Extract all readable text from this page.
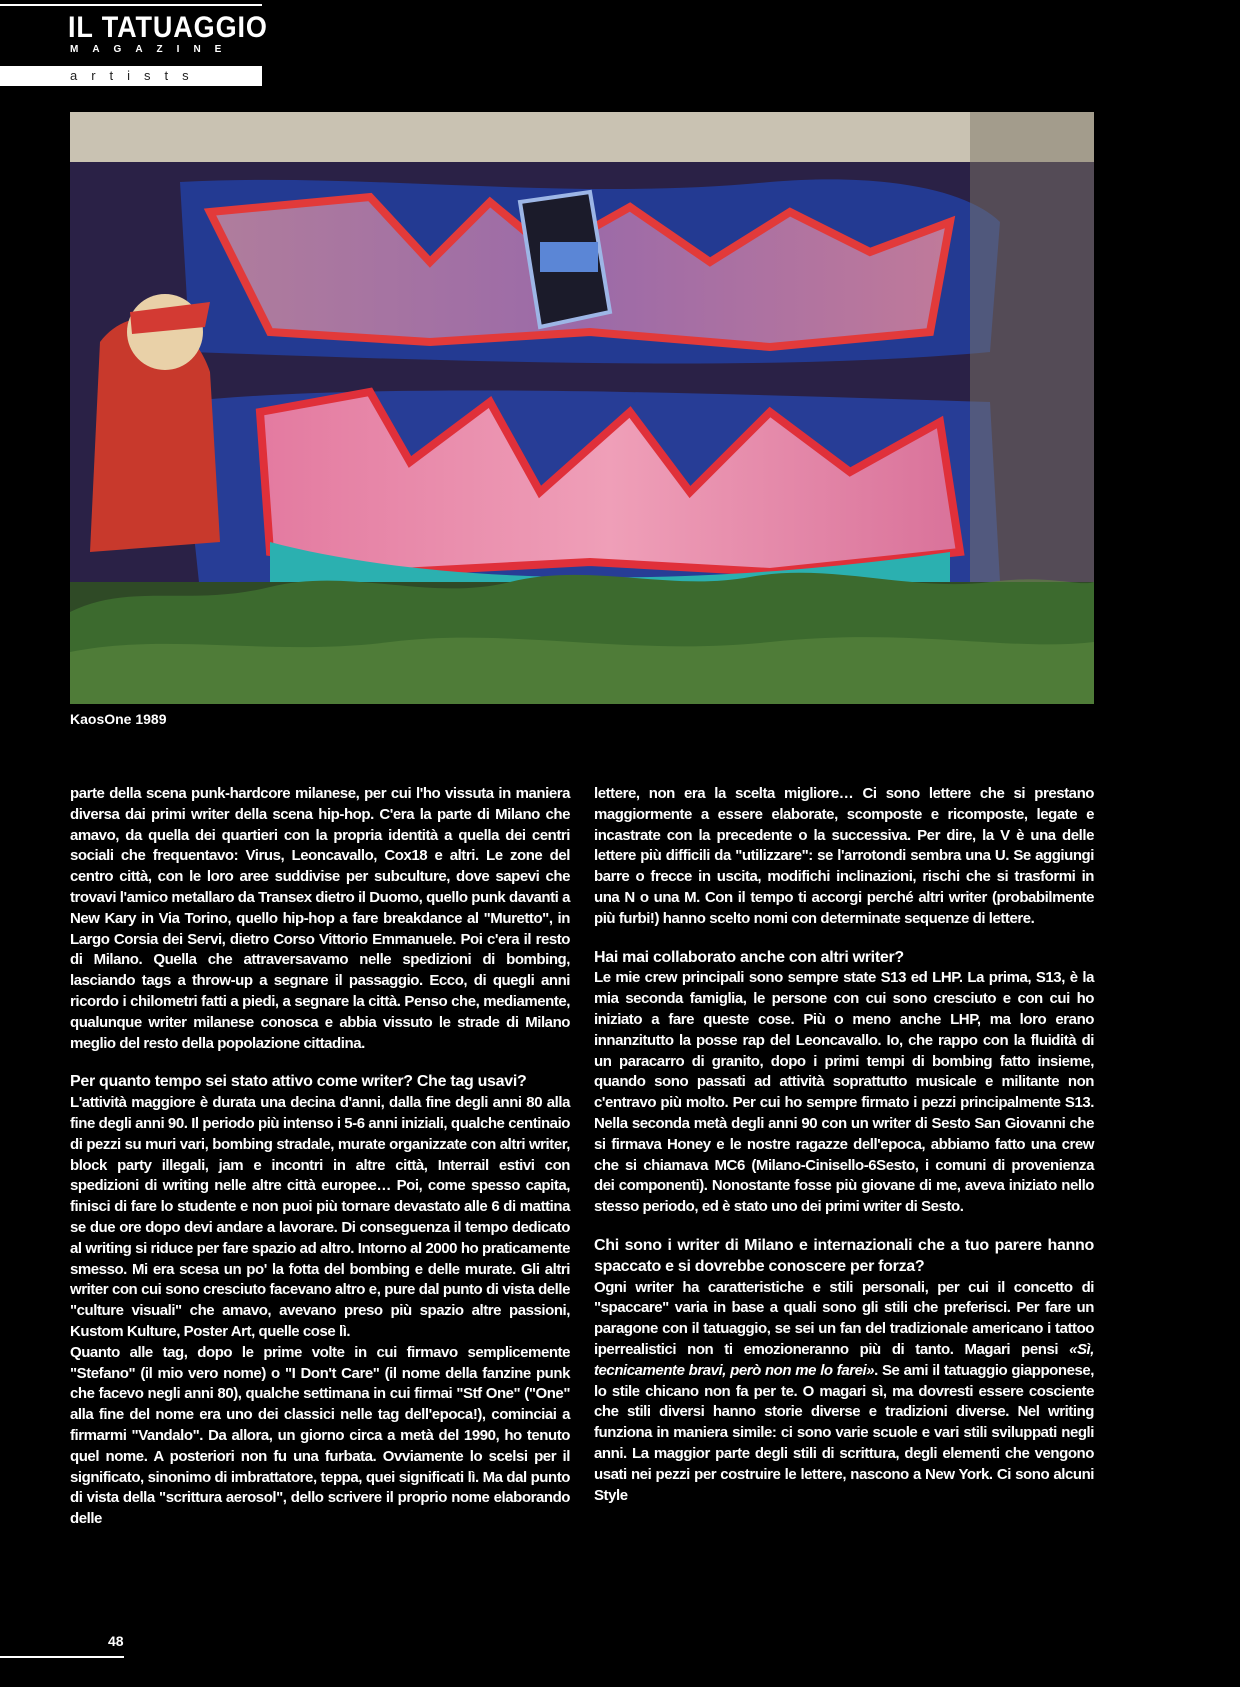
IL TATUAGGIO
MAGAZINE
artists
KaosOne 1989

parte della scena punk-hardcore milanese, per cui l'ho vissuta in maniera diversa dai primi writer della scena hip-hop. C'era la parte di Milano che amavo, da quella dei quartieri con la propria identità a quella dei centri sociali che frequentavo: Virus, Leoncavallo, Cox18 e altri. Le zone del centro città, con le loro aree suddivise per subculture, dove sapevi che trovavi l'amico metallaro da Transex dietro il Duomo, quello punk davanti a New Kary in Via Torino, quello hip-hop a fare breakdance al "Muretto", in Largo Corsia dei Servi, dietro Corso Vittorio Emmanuele. Poi c'era il resto di Milano. Quella che attraversavamo nelle spedizioni di bombing, lasciando tags a throw-up a segnare il passaggio. Ecco, di quegli anni ricordo i chilometri fatti a piedi, a segnare la città. Penso che, mediamente, qualunque writer milanese conosca e abbia vissuto le strade di Milano meglio del resto della popolazione cittadina.

Per quanto tempo sei stato attivo come writer? Che tag usavi?

L'attività maggiore è durata una decina d'anni, dalla fine degli anni 80 alla fine degli anni 90. Il periodo più intenso i 5-6 anni iniziali, qualche centinaio di pezzi su muri vari, bombing stradale, murate organizzate con altri writer, block party illegali, jam e incontri in altre città, Interrail estivi con spedizioni di writing nelle altre città europee… Poi, come spesso capita, finisci di fare lo studente e non puoi più tornare devastato alle 6 di mattina se due ore dopo devi andare a lavorare. Di conseguenza il tempo dedicato al writing si riduce per fare spazio ad altro. Intorno al 2000 ho praticamente smesso. Mi era scesa un po' la fotta del bombing e delle murate. Gli altri writer con cui sono cresciuto facevano altro e, pure dal punto di vista delle "culture visuali" che amavo, avevano preso più spazio altre passioni, Kustom Kulture, Poster Art, quelle cose lì.

Quanto alle tag, dopo le prime volte in cui firmavo semplicemente "Stefano" (il mio vero nome) o "I Don't Care" (il nome della fanzine punk che facevo negli anni 80), qualche settimana in cui firmai "Stf One" ("One" alla fine del nome era uno dei classici nelle tag dell'epoca!), cominciai a firmarmi "Vandalo". Da allora, un giorno circa a metà del 1990, ho tenuto quel nome. A posteriori non fu una furbata. Ovviamente lo scelsi per il significato, sinonimo di imbrattatore, teppa, quei significati lì. Ma dal punto di vista della "scrittura aerosol", dello scrivere il proprio nome elaborando delle

lettere, non era la scelta migliore… Ci sono lettere che si prestano maggiormente a essere elaborate, scomposte e ricomposte, legate e incastrate con la precedente o la successiva. Per dire, la V è una delle lettere più difficili da "utilizzare": se l'arrotondi sembra una U. Se aggiungi barre o frecce in uscita, modifichi inclinazioni, rischi che si trasformi in una N o una M. Con il tempo ti accorgi perché altri writer (probabilmente più furbi!) hanno scelto nomi con determinate sequenze di lettere.

Hai mai collaborato anche con altri writer?

Le mie crew principali sono sempre state S13 ed LHP. La prima, S13, è la mia seconda famiglia, le persone con cui sono cresciuto e con cui ho iniziato a fare queste cose. Più o meno anche LHP, ma loro erano innanzitutto la posse rap del Leoncavallo. Io, che rappo con la fluidità di un paracarro di granito, dopo i primi tempi di bombing fatto insieme, quando sono passati ad attività soprattutto musicale e militante non c'entravo più molto. Per cui ho sempre firmato i pezzi principalmente S13. Nella seconda metà degli anni 90 con un writer di Sesto San Giovanni che si firmava Honey e le nostre ragazze dell'epoca, abbiamo fatto una crew che si chiamava MC6 (Milano-Cinisello-6Sesto, i comuni di provenienza dei componenti). Nonostante fosse più giovane di me, aveva iniziato nello stesso periodo, ed è stato uno dei primi writer di Sesto.

Chi sono i writer di Milano e internazionali che a tuo parere hanno spaccato e si dovrebbe conoscere per forza?

Ogni writer ha caratteristiche e stili personali, per cui il concetto di "spaccare" varia in base a quali sono gli stili che preferisci. Per fare un paragone con il tatuaggio, se sei un fan del tradizionale americano i tattoo iperrealistici non ti emozioneranno più di tanto. Magari pensi «Sì, tecnicamente bravi, però non me lo farei». Se ami il tatuaggio giapponese, lo stile chicano non fa per te. O magari sì, ma dovresti essere cosciente che stili diversi hanno storie diverse e tradizioni diverse. Nel writing funziona in maniera simile: ci sono varie scuole e vari stili sviluppati negli anni. La maggior parte degli stili di scrittura, degli elementi che vengono usati nei pezzi per costruire le lettere, nascono a New York. Ci sono alcuni Style

48
